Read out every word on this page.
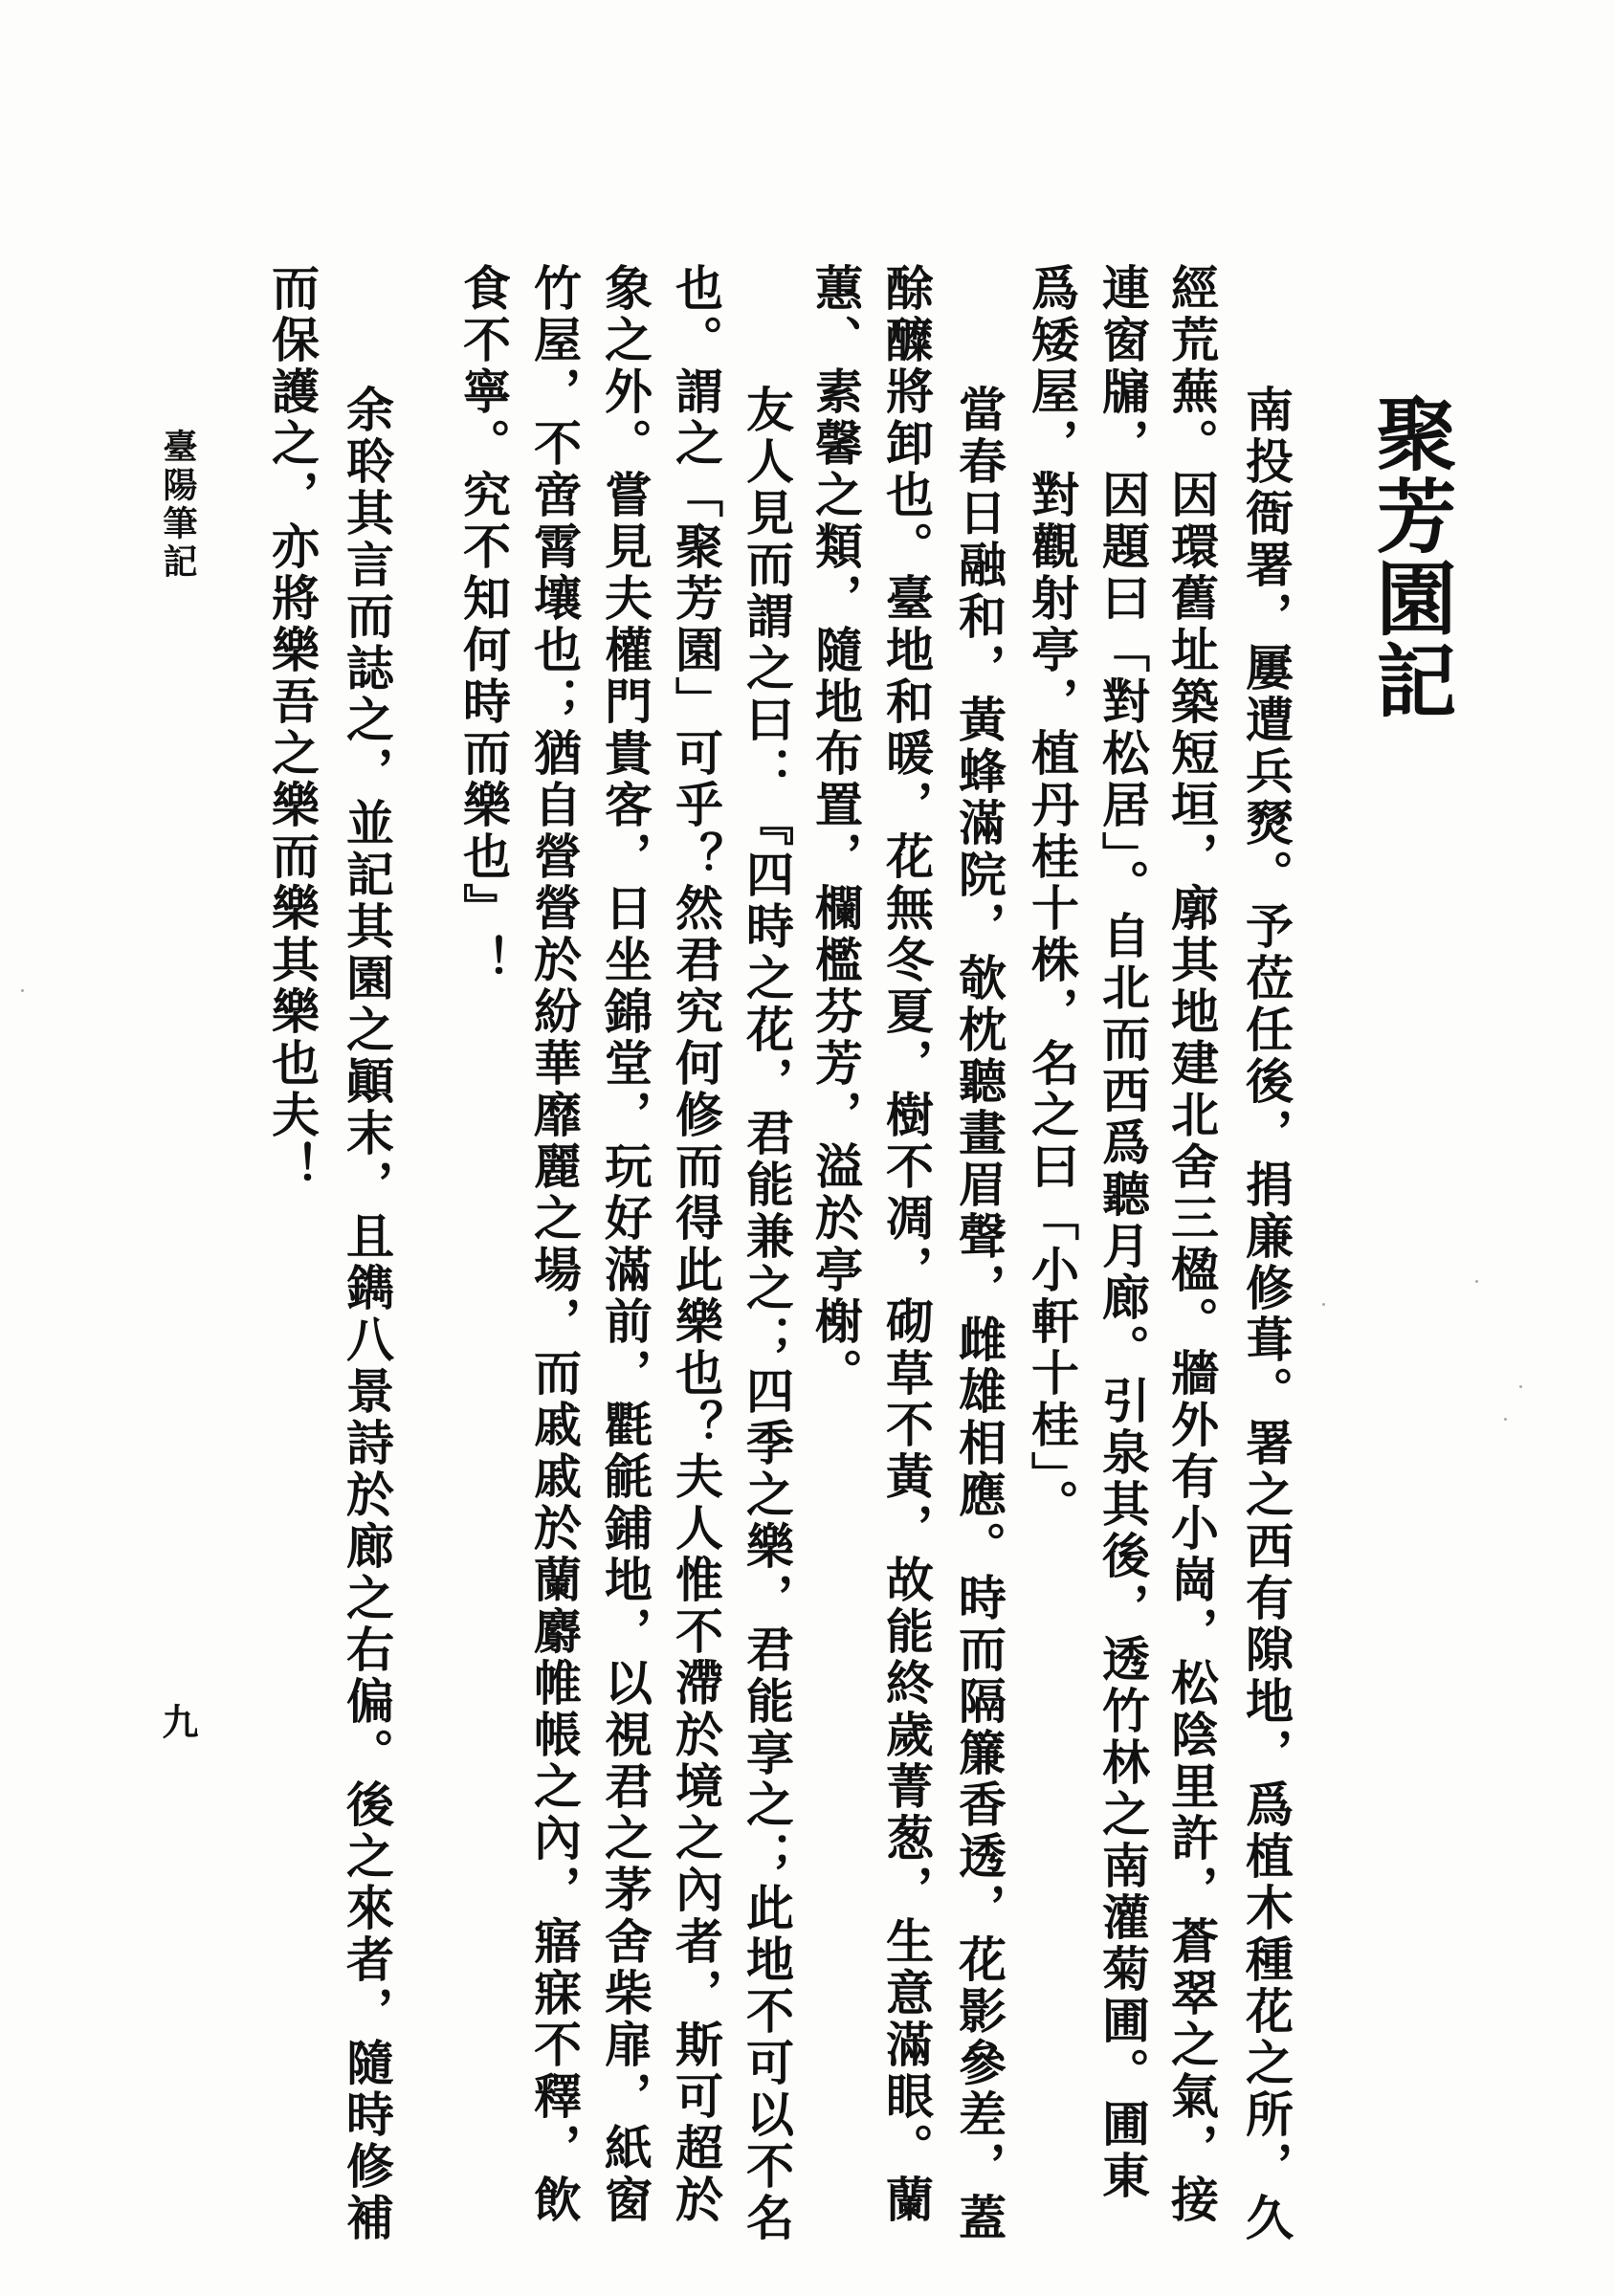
聚芳園記
南投衙署，屢遭兵燹。予莅任後，捐廉修葺。署之西有隙地，爲植木種花之所，久
經荒蕪。因環舊址築短垣，廓其地建北舍三楹。牆外有小崗，松陰里許，蒼翠之氣，接
連窗牖，因題曰「對松居」。自北而西爲聽月廊。引泉其後，透竹林之南灌菊圃。圃東
爲矮屋，對觀射亭，植丹桂十株，名之曰「小軒十桂」。
當春日融和，黃蜂滿院，欹枕聽畫眉聲，雌雄相應。時而隔簾香透，花影參差，蓋
酴醾將卸也。臺地和暖，花無冬夏，樹不凋，砌草不黃，故能終歲菁葱，生意滿眼。蘭
蕙、素馨之類，隨地布置，欄檻芬芳，溢於亭榭。
友人見而謂之曰：『四時之花，君能兼之；四季之樂，君能享之；此地不可以不名
也。謂之「聚芳園」可乎？然君究何修而得此樂也？夫人惟不滯於境之內者，斯可超於
象之外。嘗見夫權門貴客，日坐錦堂，玩好滿前，氍毹鋪地，以視君之茅舍柴扉，紙窗
竹屋，不啻霄壤也；猶自營營於紛華靡麗之場，而戚戚於蘭麝帷帳之內，寤寐不釋，飲
食不寧。究不知何時而樂也』！
余聆其言而誌之，並記其園之顚末，且鐫八景詩於廊之右偏。後之來者，隨時修補
而保護之，亦將樂吾之樂而樂其樂也夫！
臺陽筆記
九
